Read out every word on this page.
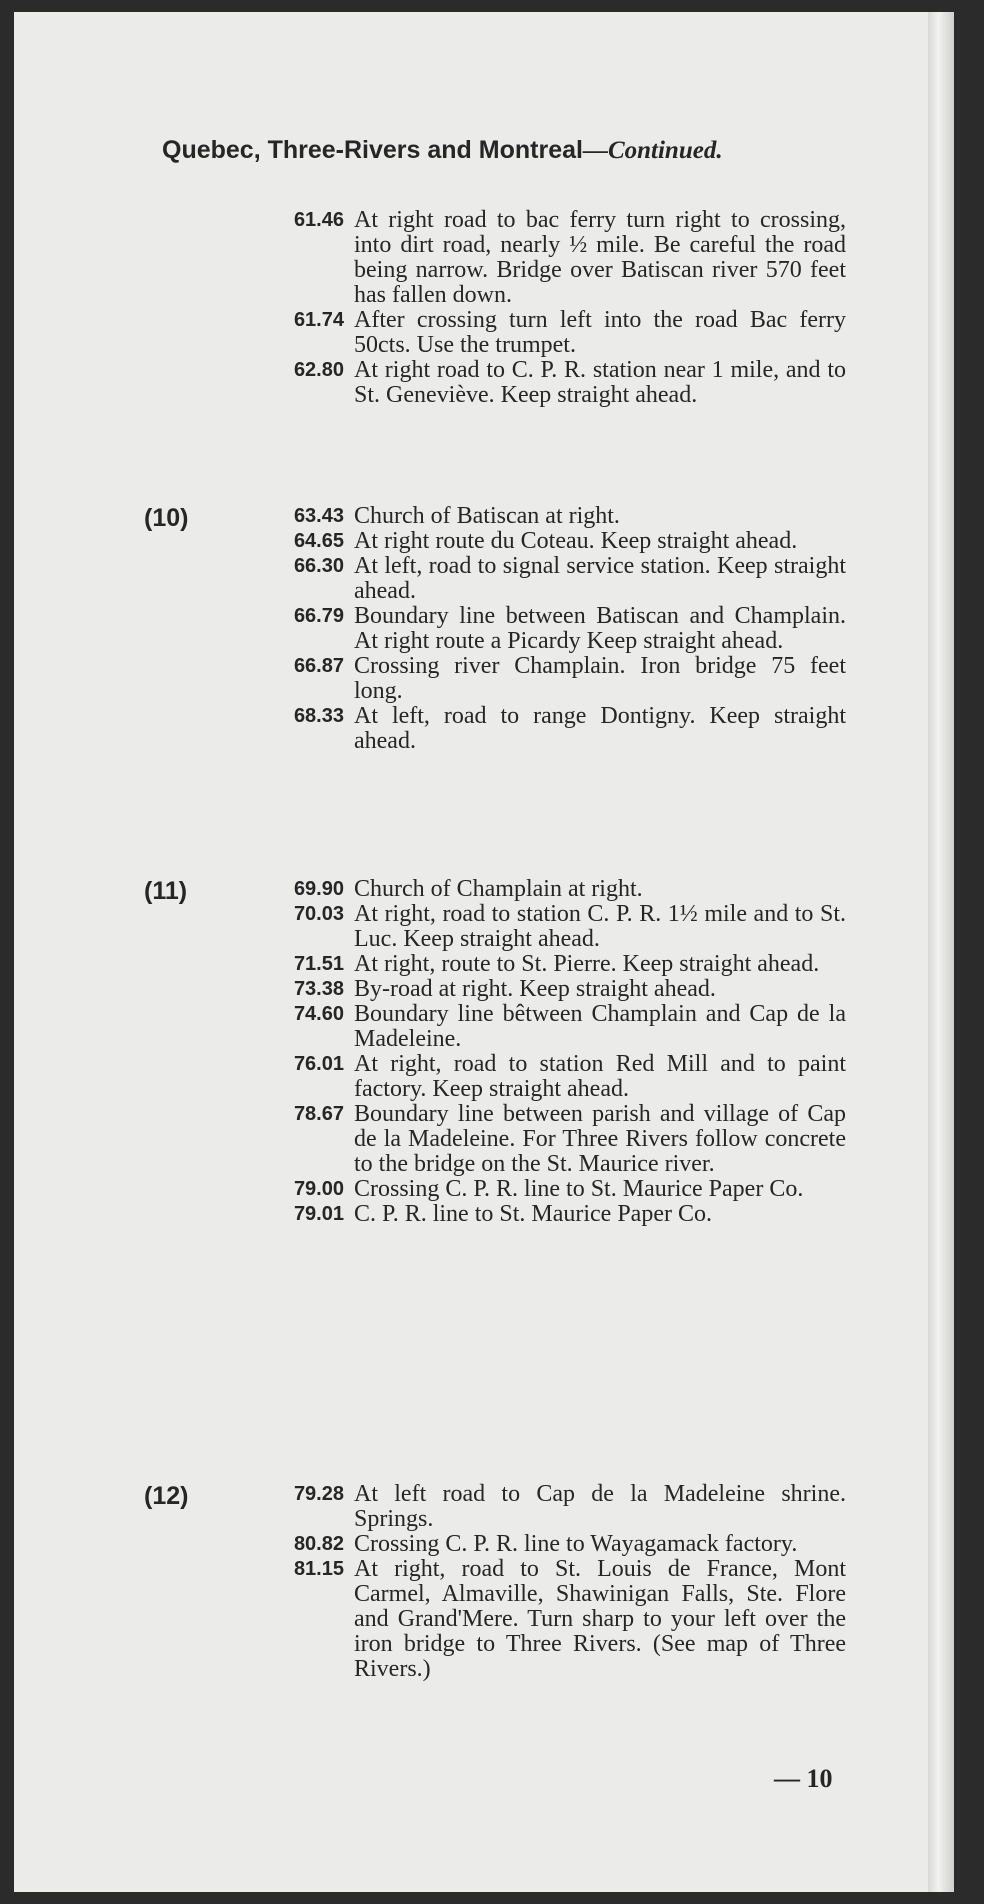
Quebec, Three-Rivers and Montreal—Continued.
61.46 At right road to bac ferry turn right to crossing, into dirt road, nearly ½ mile. Be careful the road being narrow. Bridge over Batiscan river 570 feet has fallen down.
61.74 After crossing turn left into the road Bac ferry 50cts. Use the trumpet.
62.80 At right road to C. P. R. station near 1 mile, and to St. Geneviève. Keep straight ahead.
(10)	63.43 Church of Batiscan at right.
64.65 At right route du Coteau. Keep straight ahead.
66.30 At left, road to signal service station. Keep straight ahead.
66.79 Boundary line between Batiscan and Champlain. At right route a Picardy Keep straight ahead.
66.87 Crossing river Champlain. Iron bridge 75 feet long.
68.33 At left, road to range Dontigny. Keep straight ahead.
(11)	69.90 Church of Champlain at right.
70.03 At right, road to station C. P. R. 1½ mile and to St. Luc. Keep straight ahead.
71.51 At right, route to St. Pierre. Keep straight ahead.
73.38 By-road at right. Keep straight ahead.
74.60 Boundary line bêtween Champlain and Cap de la Madeleine.
76.01 At right, road to station Red Mill and to paint factory. Keep straight ahead.
78.67 Boundary line between parish and village of Cap de la Madeleine. For Three Rivers follow concrete to the bridge on the St. Maurice river.
79.00 Crossing C. P. R. line to St. Maurice Paper Co.
79.01 C. P. R. line to St. Maurice Paper Co.
(12)	79.28 At left road to Cap de la Madeleine shrine. Springs.
80.82 Crossing C. P. R. line to Wayagamack factory.
81.15 At right, road to St. Louis de France, Mont Carmel, Almaville, Shawinigan Falls, Ste. Flore and Grand'Mere. Turn sharp to your left over the iron bridge to Three Rivers. (See map of Three Rivers.)
— 10
